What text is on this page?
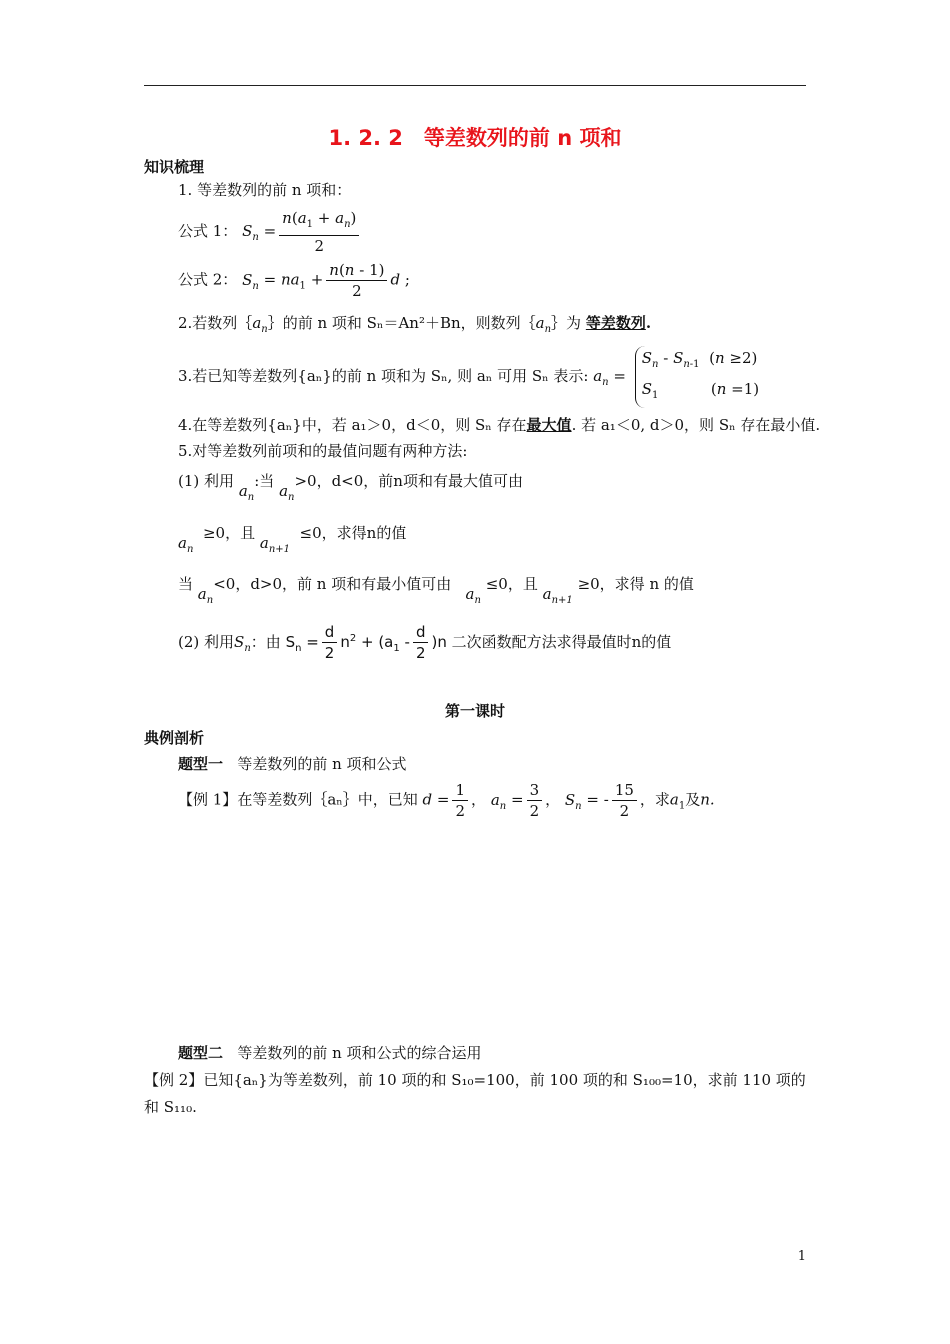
1. 2. 2　等差数列的前 n 项和
知识梳理
1. 等差数列的前 n 项和：
公式 1： $S_n = \frac{n(a_1 + a_n)}{2}$
公式 2： $S_n = na_1 + \frac{n(n - 1)}{2}$ d ;
2.若数列$\{a_n\}$的前 n 项和 Sₙ＝An²＋Bn，则数列$\{a_n\}$为 等差数列.
3.若已知等差数列{aₙ}的前 n 项和为 Sₙ, 则 aₙ 可用 Sₙ 表示: $a_n$ =
$S_n - S_{n-1}$  (n ≥2)
$S_1$           (n =1)
4.在等差数列{aₙ}中，若 a₁＞0，d＜0，则 Sₙ 存在最大值. 若 a₁＜0, d＞0，则 Sₙ 存在最小值.
5.对等差数列前项和的最值问题有两种方法:
(1) 利用 $a_n$:当 $a_n>0$，d<0，前n项和有最大值可由
$a_n \ge 0$，且 $a_{n+1} \le 0$，求得n的值
当 $a_n<0$，d>0，前 n 项和有最小值可由   $a_n \le 0$，且 $a_{n+1} \ge 0$，求得 n 的值
(2) 利用$S_n$：由 $S_n = \frac{d}{2} n^2 + (a_1 - \frac{d}{2} )n$ 二次函数配方法求得最值时n的值
第一课时
典例剖析
题型一 等差数列的前 n 项和公式
【例 1】在等差数列｛aₙ｝中，已知 $d = \frac{1}{2}$ ， $a_n = \frac{3}{2}$ ， $S_n$ = - $\frac{15}{2}$ ，求$a_1$及n.
题型二 等差数列的前 n 项和公式的综合运用
【例 2】已知{aₙ}为等差数列，前 10 项的和 S₁₀=100，前 100 项的和 S₁₀₀=10，求前 110 项的
和 S₁₁₀.
1
